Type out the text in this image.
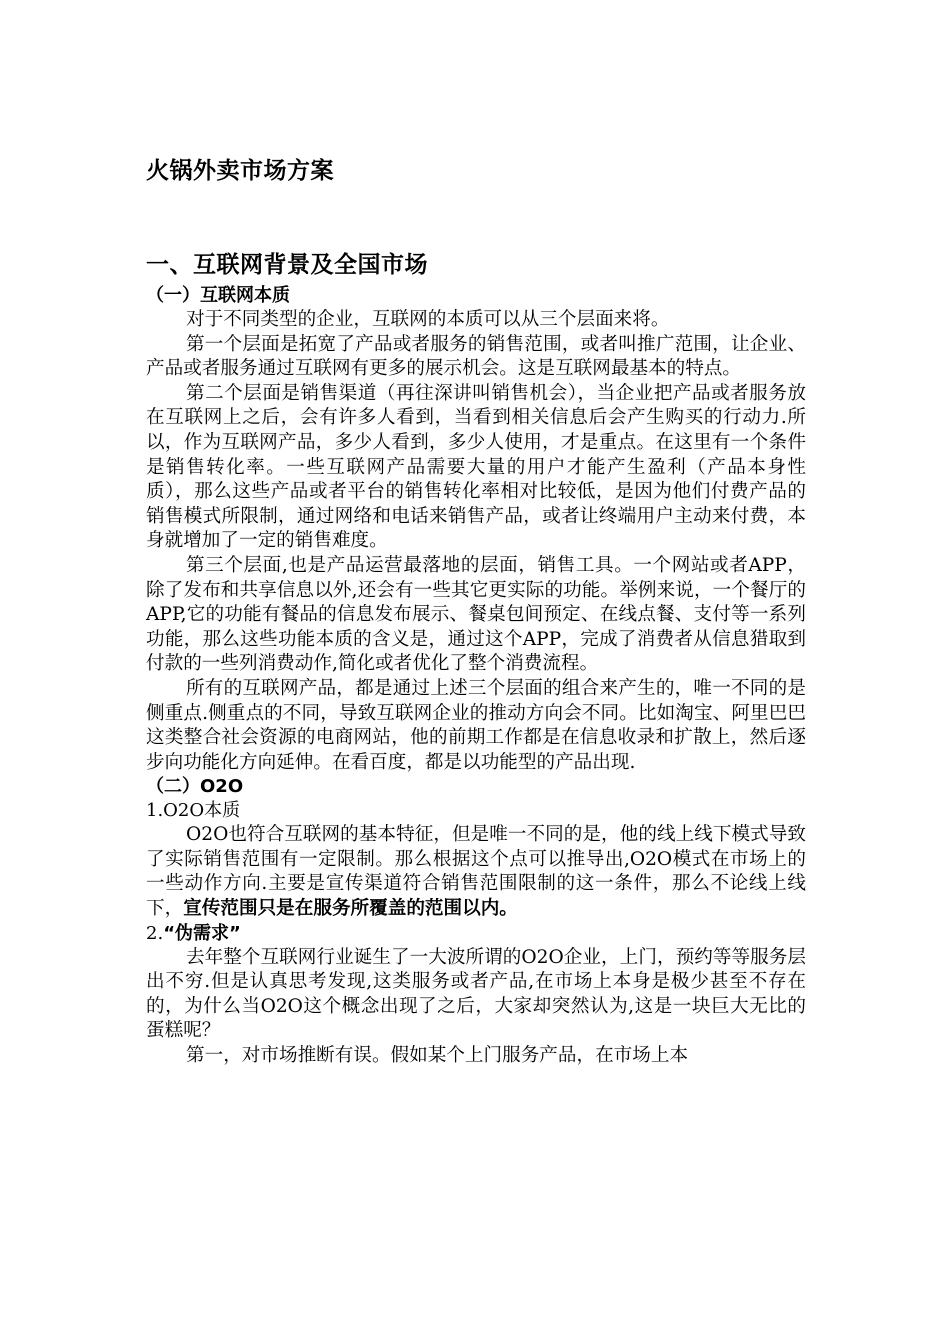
火锅外卖市场方案
一、互联网背景及全国市场
（一）互联网本质

对于不同类型的企业，互联网的本质可以从三个层面来将。

第一个层面是拓宽了产品或者服务的销售范围，或者叫推广范围，让企业、产品或者服务通过互联网有更多的展示机会。这是互联网最基本的特点。

第二个层面是销售渠道（再往深讲叫销售机会），当企业把产品或者服务放在互联网上之后，会有许多人看到，当看到相关信息后会产生购买的行动力.所以，作为互联网产品，多少人看到，多少人使用，才是重点。在这里有一个条件是销售转化率。一些互联网产品需要大量的用户才能产生盈利（产品本身性质），那么这些产品或者平台的销售转化率相对比较低，是因为他们付费产品的销售模式所限制，通过网络和电话来销售产品，或者让终端用户主动来付费，本身就增加了一定的销售难度。

第三个层面,也是产品运营最落地的层面，销售工具。一个网站或者APP，除了发布和共享信息以外,还会有一些其它更实际的功能。举例来说，一个餐厅的APP,它的功能有餐品的信息发布展示、餐桌包间预定、在线点餐、支付等一系列功能，那么这些功能本质的含义是，通过这个APP，完成了消费者从信息猎取到付款的一些列消费动作,简化或者优化了整个消费流程。

所有的互联网产品，都是通过上述三个层面的组合来产生的，唯一不同的是侧重点.侧重点的不同，导致互联网企业的推动方向会不同。比如淘宝、阿里巴巴这类整合社会资源的电商网站，他的前期工作都是在信息收录和扩散上，然后逐步向功能化方向延伸。在看百度，都是以功能型的产品出现.

（二）O2O
1.O2O本质

O2O也符合互联网的基本特征，但是唯一不同的是，他的线上线下模式导致了实际销售范围有一定限制。那么根据这个点可以推导出,O2O模式在市场上的一些动作方向.主要是宣传渠道符合销售范围限制的这一条件，那么不论线上线下，宣传范围只是在服务所覆盖的范围以内。

2.“伪需求”

去年整个互联网行业诞生了一大波所谓的O2O企业，上门，预约等等服务层出不穷.但是认真思考发现,这类服务或者产品,在市场上本身是极少甚至不存在的，为什么当O2O这个概念出现了之后，大家却突然认为,这是一块巨大无比的蛋糕呢？

第一，对市场推断有误。假如某个上门服务产品，在市场上本
